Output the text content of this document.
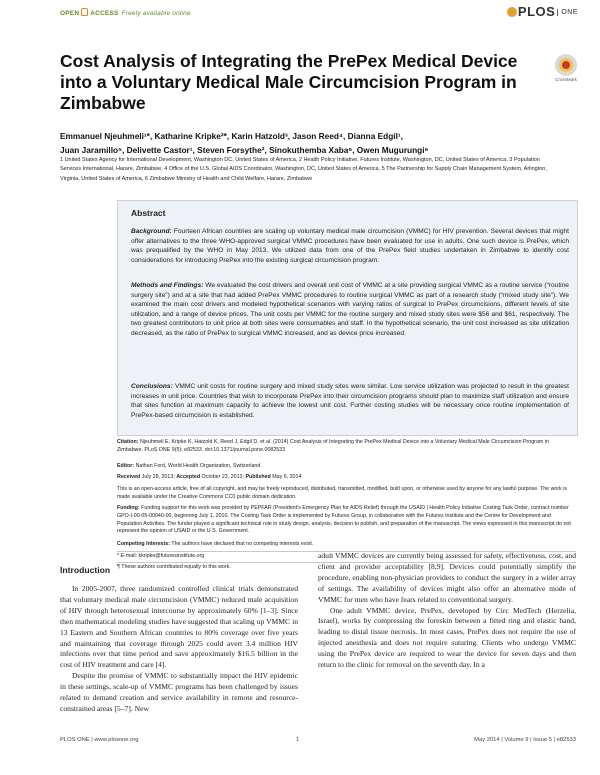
OPEN ACCESS Freely available online	PLOS ONE
Cost Analysis of Integrating the PrePex Medical Device into a Voluntary Medical Male Circumcision Program in Zimbabwe
CrossMark
Emmanuel Njeuhmeli¹*, Katharine Kripke²*, Karin Hatzold³, Jason Reed⁴, Dianna Edgil¹,
Juan Jaramillo⁵, Delivette Castor¹, Steven Forsythe², Sinokuthemba Xaba⁶, Owen Mugurungi⁶
1 United States Agency for International Development, Washington DC, United States of America, 2 Health Policy Initiative, Futures Institute, Washington, DC, United States of America, 3 Population Services International, Harare, Zimbabwe, 4 Office of the U.S. Global AIDS Coordinator, Washington, DC, United States of America, 5 The Partnership for Supply Chain Management System, Arlington, Virginia, United States of America, 6 Zimbabwe Ministry of Health and Child Welfare, Harare, Zimbabwe
Abstract

Background: Fourteen African countries are scaling up voluntary medical male circumcision (VMMC) for HIV prevention. Several devices that might offer alternatives to the three WHO-approved surgical VMMC procedures have been evaluated for use in adults. One such device is PrePex, which was prequalified by the WHO in May 2013. We utilized data from one of the PrePex field studies undertaken in Zimbabwe to identify cost considerations for introducing PrePex into the existing surgical circumcision program.

Methods and Findings: We evaluated the cost drivers and overall unit cost of VMMC at a site providing surgical VMMC as a routine service (“routine surgery site”) and at a site that had added PrePex VMMC procedures to routine surgical VMMC as part of a research study (“mixed study site”). We examined the main cost drivers and modeled hypothetical scenarios with varying ratios of surgical to PrePex circumcisions, different levels of site utilization, and a range of device prices. The unit costs per VMMC for the routine surgery and mixed study sites were $56 and $61, respectively. The two greatest contributors to unit price at both sites were consumables and staff. In the hypothetical scenario, the unit cost increased as site utilization decreased, as the ratio of PrePex to surgical VMMC increased, and as device price increased.

Conclusions: VMMC unit costs for routine surgery and mixed study sites were similar. Low service utilization was projected to result in the greatest increases in unit price. Countries that wish to incorporate PrePex into their circumcision programs should plan to maximize staff utilization and ensure that sites function at maximum capacity to achieve the lowest unit cost. Further costing studies will be necessary once routine implementation of PrePex-based circumcision is established.

Citation: Njeuhmeli E, Kripke K, Hatzold K, Reed J, Edgil D, et al. (2014) Cost Analysis of Integrating the PrePex Medical Device into a Voluntary Medical Male Circumcision Program in Zimbabwe. PLoS ONE 9(5): e82533. doi:10.1371/journal.pone.0082533

Editor: Nathan Ford, World Health Organization, Switzerland

Received July 28, 2013; Accepted October 23, 2013; Published May 6, 2014

This is an open-access article, free of all copyright, and may be freely reproduced, distributed, transmitted, modified, built upon, or otherwise used by anyone for any lawful purpose. The work is made available under the Creative Commons CC0 public domain dedication.

Funding: Funding support for this work was provided by PEPFAR (President's Emergency Plan for AIDS Relief) through the USAID | Health Policy Initiative Costing Task Order, contract number GPO-I-00-05-00040-00, beginning July 1, 2010. The Costing Task Order is implemented by Futures Group, in collaboration with the Futures Institute and the Centre for Development and Population Activities. The funder played a significant technical role in study design, analysis, decision to publish, and preparation of the manuscript. The views expressed in this manuscript do not represent the opinion of USAID or the U.S. Government.

Competing Interests: The authors have declared that no competing interests exist.

* E-mail: kkripke@futuresinstitute.org

¶ These authors contributed equally to this work.

Introduction

In 2005-2007, three randomized controlled clinical trials demonstrated that voluntary medical male circumcision (VMMC) reduced male acquisition of HIV through heterosexual intercourse by approximately 60% [1–3]. Since then mathematical modeling studies have suggested that scaling up VMMC in 13 Eastern and Southern African countries to 80% coverage over five years and maintaining that coverage through 2025 could avert 3.4 million HIV infections over that time period and save approximately $16.5 billion in the cost of HIV treatment and care [4].

Despite the promise of VMMC to substantially impact the HIV epidemic in these settings, scale-up of VMMC programs has been challenged by issues related to demand creation and service availability in remote and resource-constrained areas [5–7]. New

adult VMMC devices are currently being assessed for safety, effectiveness, cost, and client and provider acceptability [8,9]. Devices could potentially simplify the procedure, enabling non-physician providers to conduct the surgery in a wider array of settings. The availability of devices might also offer an alternative mode of VMMC for men who have fears related to conventional surgery.

One adult VMMC device, PrePex, developed by Circ MedTech (Herzelia, Israel), works by compressing the foreskin between a fitted ring and elastic band, leading to distal tissue necrosis. In most cases, PrePex does not require the use of injected anesthesia and does not require suturing. Clients who undergo VMMC using the PrePex device are required to wear the device for seven days and then return to the clinic for removal on the seventh day. In a

PLOS ONE | www.plosone.org	1	May 2014 | Volume 9 | Issue 5 | e82533
